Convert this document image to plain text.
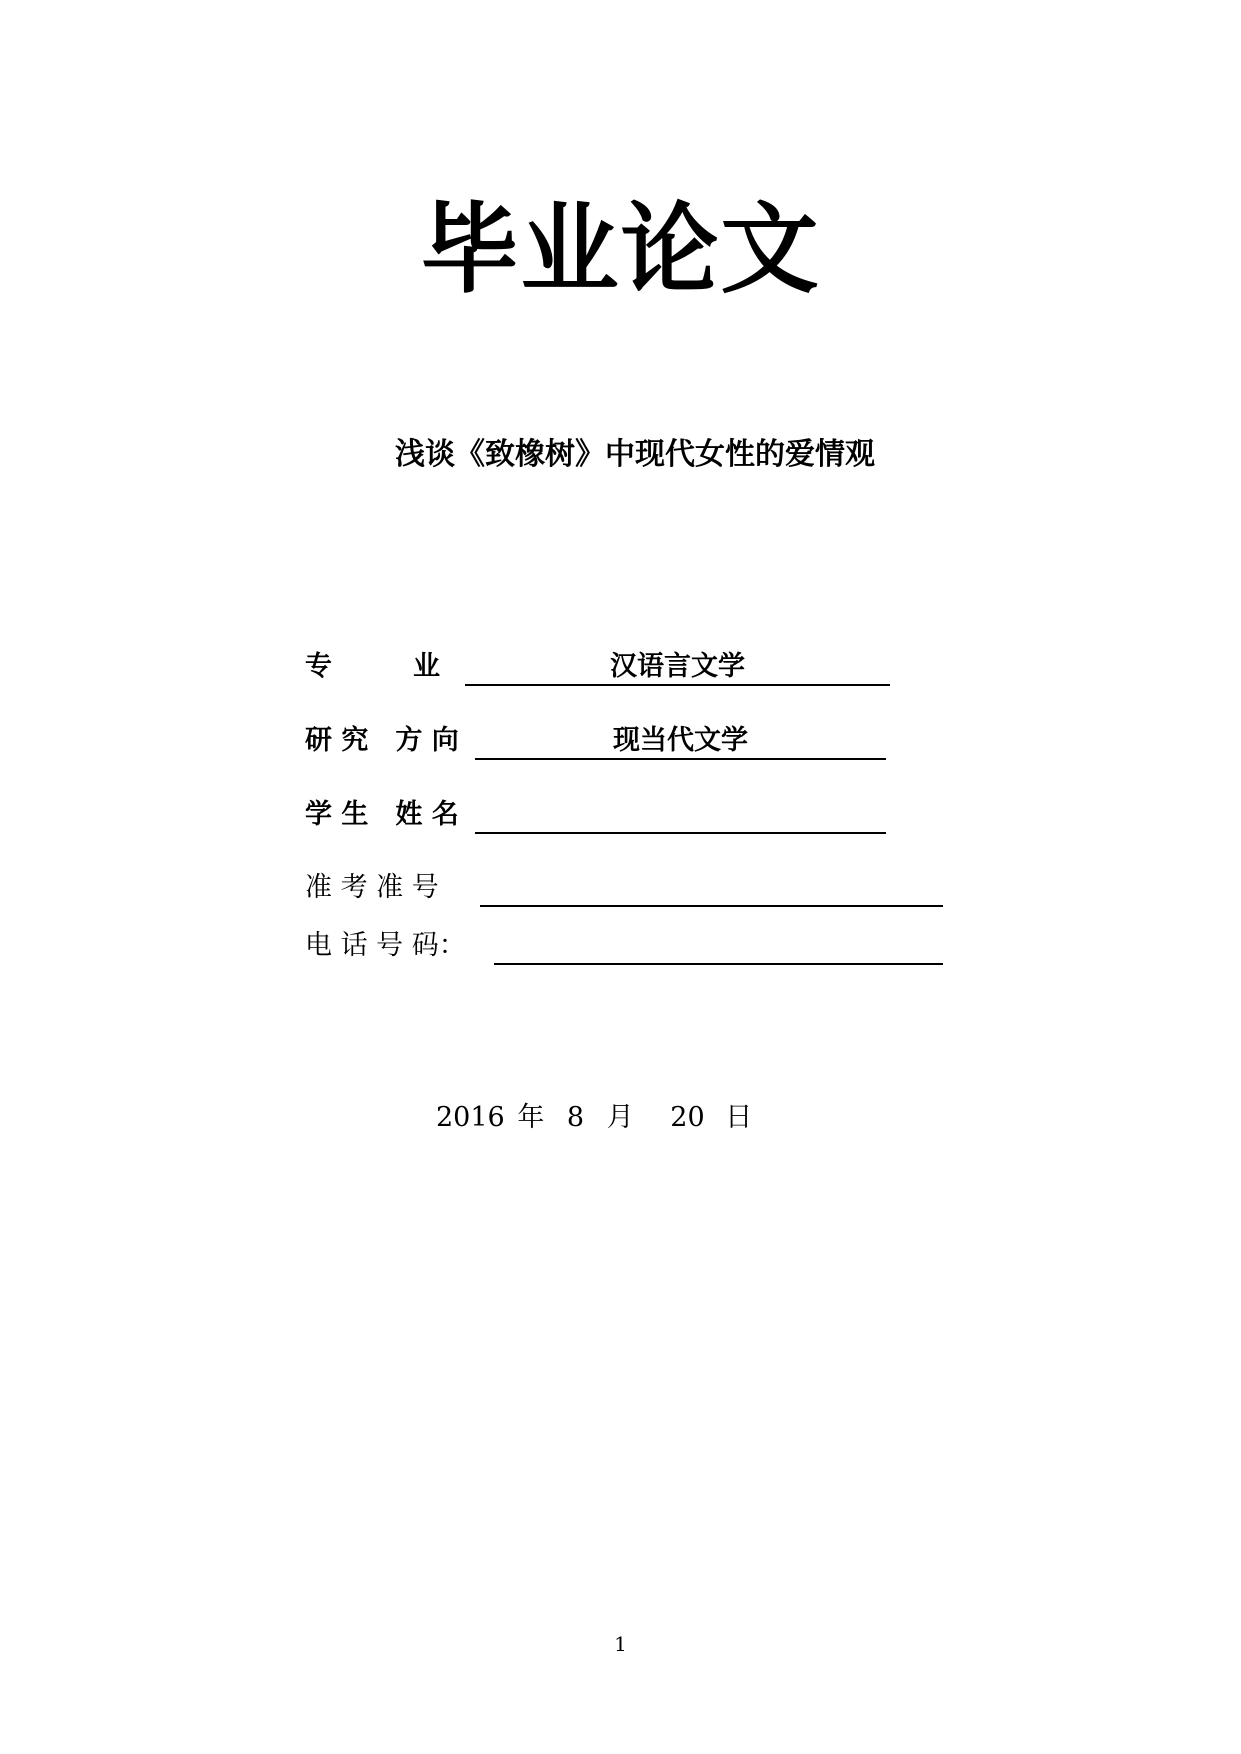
毕业论文
浅谈《致橡树》中现代女性的爱情观
专　　　业	汉语言文学
研 究　方 向	现当代文学
学 生　姓 名
准 考 准 号
电 话 号 码：
2016 年 8 月 20 日
1
